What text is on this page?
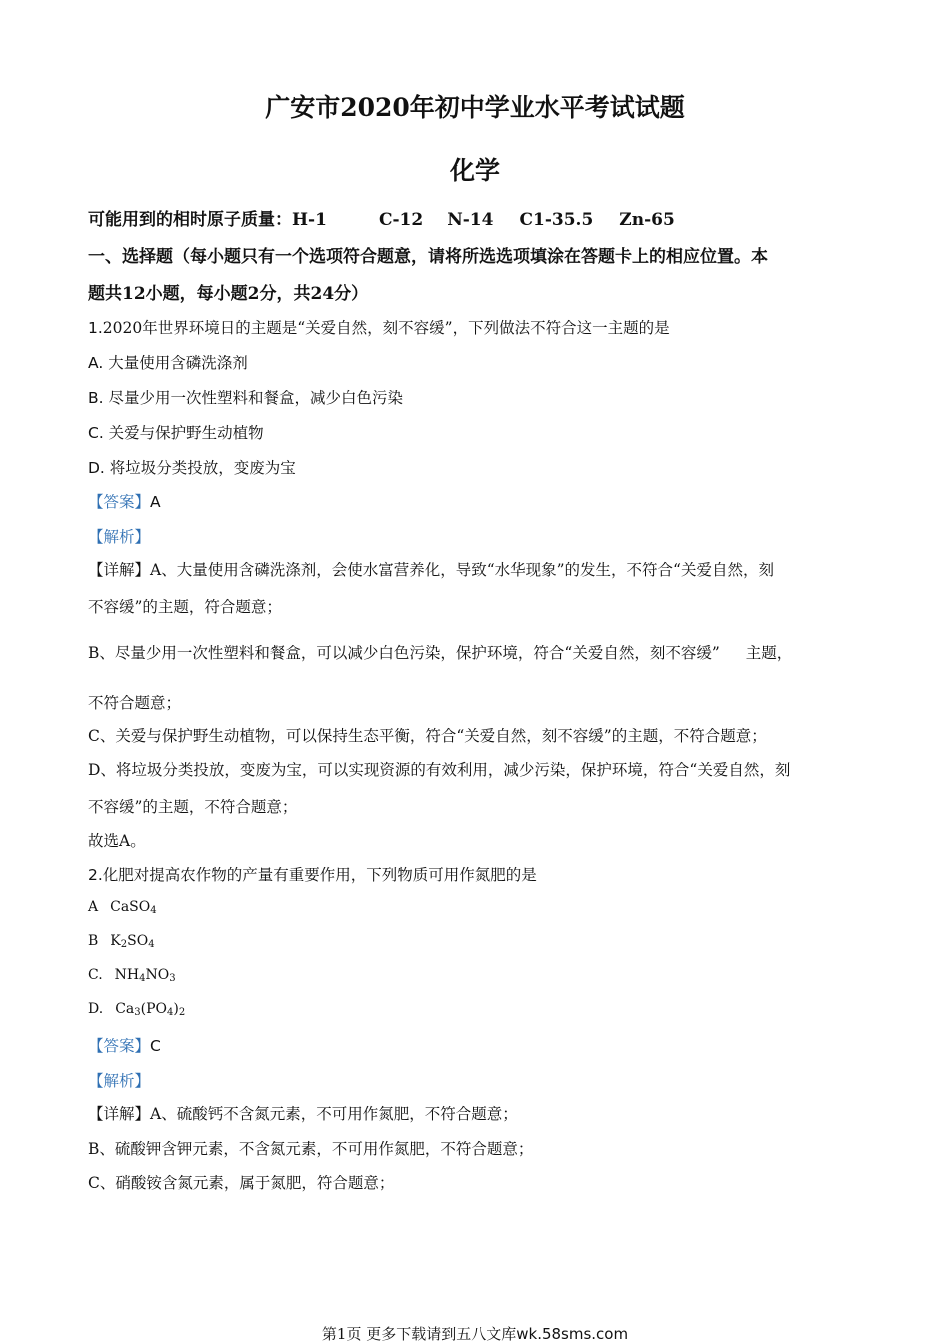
广安市2020年初中学业水平考试试题
化学
可能用到的相时原子质量：H-1	C-12 N-14 C1-35.5 Zn-65
一、选择题（每小题只有一个选项符合题意，请将所选选项填涂在答题卡上的相应位置。本
题共12小题，每小题2分，共24分）
1.2020年世界环境日的主题是“关爱自然，刻不容缓”，下列做法不符合这一主题的是
A. 大量使用含磷洗涤剂
B. 尽量少用一次性塑料和餐盒，减少白色污染
C. 关爱与保护野生动植物
D. 将垃圾分类投放，变废为宝
【答案】A
【解析】
【详解】A、大量使用含磷洗涤剂，会使水富营养化，导致“水华现象”的发生，不符合“关爱自然，刻
不容缓”的主题，符合题意；
B、尽量少用一次性塑料和餐盒，可以减少白色污染，保护环境，符合“关爱自然，刻不容缓” 主题，
不符合题意；
C、关爱与保护野生动植物，可以保持生态平衡，符合“关爱自然，刻不容缓”的主题，不符合题意；
D、将垃圾分类投放，变废为宝，可以实现资源的有效利用，减少污染，保护环境，符合“关爱自然，刻
不容缓”的主题，不符合题意；
故选A。
2.化肥对提高农作物的产量有重要作用，下列物质可用作氮肥的是
A CaSO$_4$
B $K_2SO_4$
C. $NH_4NO_3$
D. $Ca_3(PO_4)_2$
【答案】C
【解析】
【详解】A、硫酸钙不含氮元素，不可用作氮肥，不符合题意；
B、硫酸钾含钾元素，不含氮元素，不可用作氮肥，不符合题意；
C、硝酸铵含氮元素，属于氮肥，符合题意；
第1页 更多下载请到五八文库wk.58sms.com
